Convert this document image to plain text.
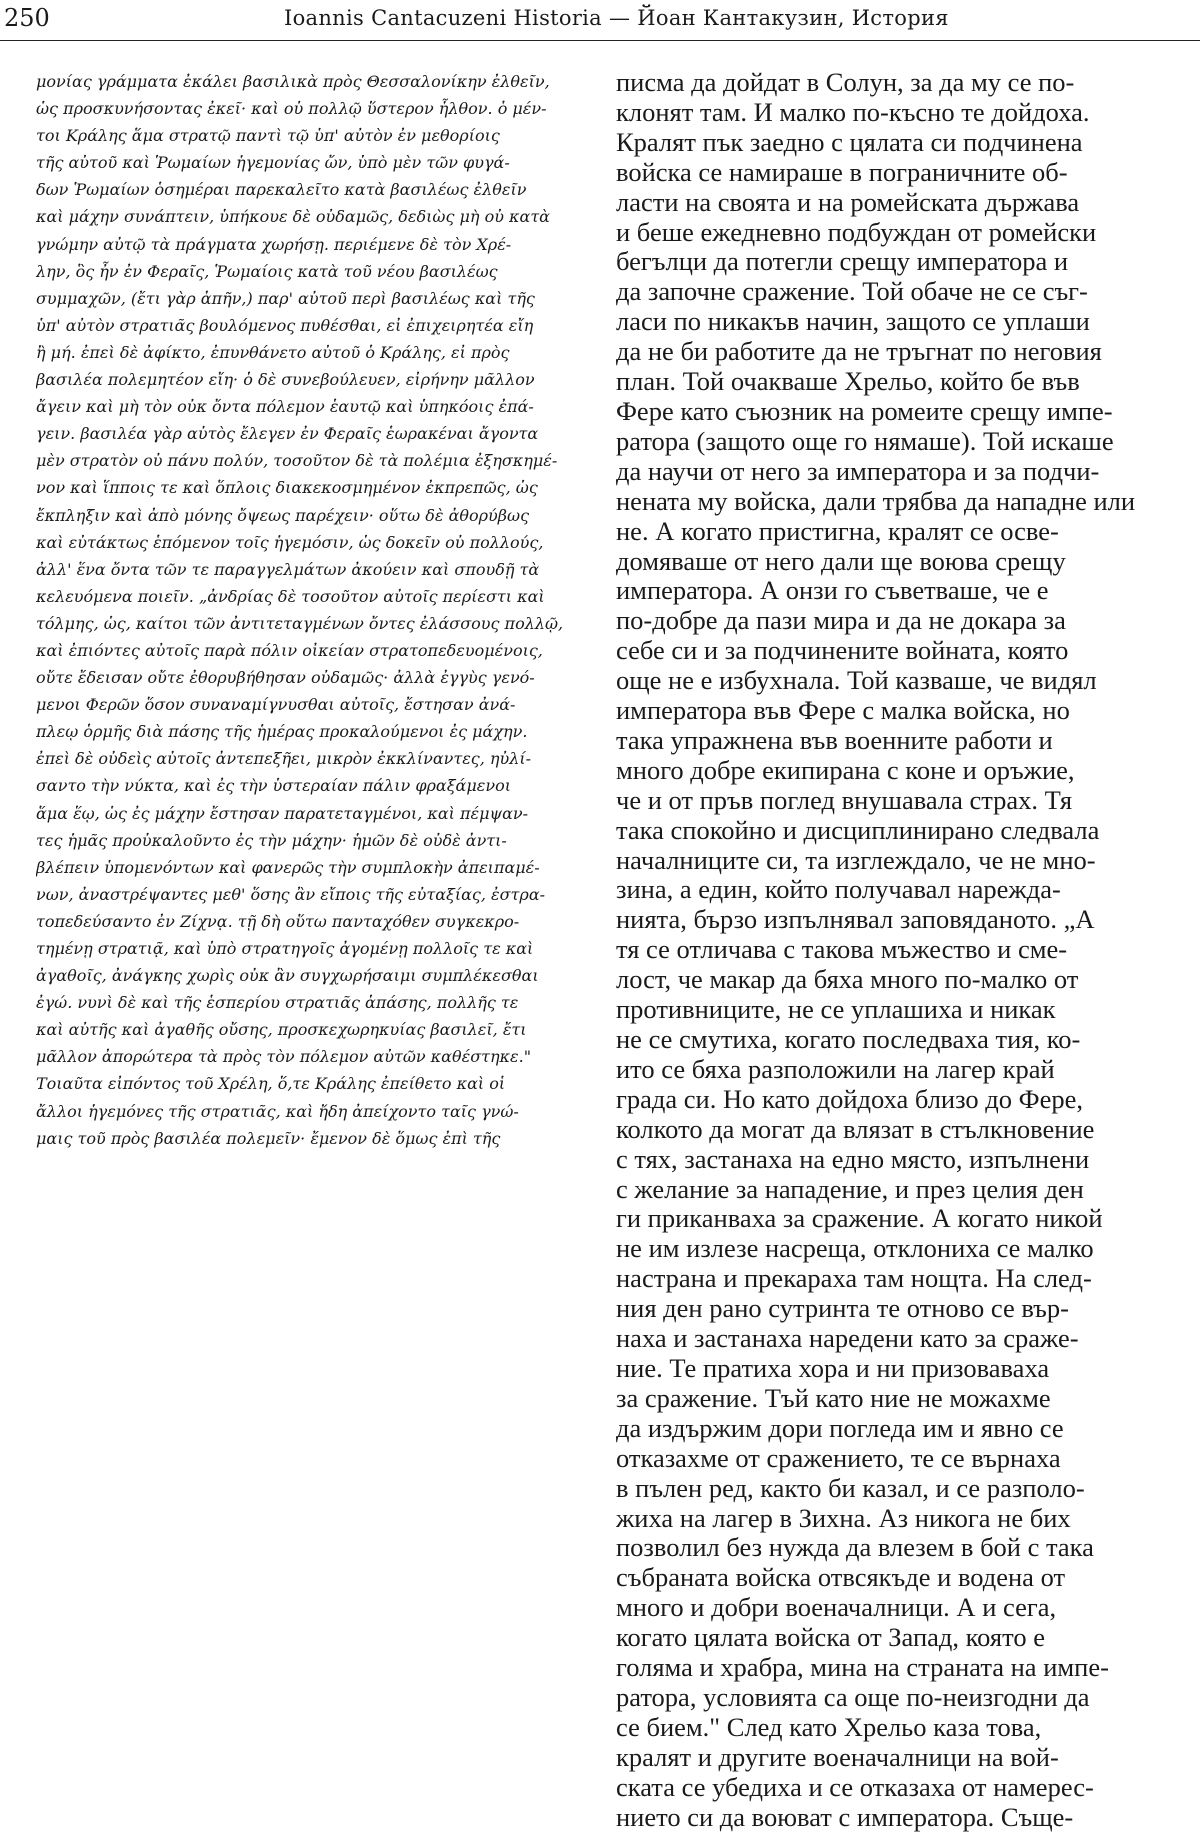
250	Ioannis Cantacuzeni Historia — Йоан Кантакузин, История
μονίας γράμματα ἐκάλει βασιλικὰ πρὸς Θεσσαλονίκην ἐλθεῖν,
ὡς προσκυνήσοντας ἐκεῖ· καὶ οὐ πολλῷ ὕστερον ἧλθον. ὁ μέν-
τοι Κράλης ἅμα στρατῷ παντὶ τῷ ὑπ' αὐτὸν ἐν μεθορίοις
τῆς αὐτοῦ καὶ Ῥωμαίων ἡγεμονίας ὤν, ὑπὸ μὲν τῶν φυγά-
δων Ῥωμαίων ὁσημέραι παρεκαλεῖτο κατὰ βασιλέως ἐλθεῖν
καὶ μάχην συνάπτειν, ὑπήκουε δὲ οὐδαμῶς, δεδιὼς μὴ οὐ κατὰ
γνώμην αὐτῷ τὰ πράγματα χωρήσῃ. περιέμενε δὲ τὸν Χρέ-
λην, ὃς ἦν ἐν Φεραῖς, Ῥωμαίοις κατὰ τοῦ νέου βασιλέως
συμμαχῶν, (ἔτι γὰρ ἀπῆν,) παρ' αὐτοῦ περὶ βασιλέως καὶ τῆς
ὑπ' αὐτὸν στρατιᾶς βουλόμενος πυθέσθαι, εἰ ἐπιχειρητέα εἴη
ἢ μή. ἐπεὶ δὲ ἀφίκτο, ἐπυνθάνετο αὐτοῦ ὁ Κράλης, εἰ πρὸς
βασιλέα πολεμητέον εἴη· ὁ δὲ συνεβούλευεν, εἰρήνην μᾶλλον
ἄγειν καὶ μὴ τὸν οὐκ ὄντα πόλεμον ἑαυτῷ καὶ ὑπηκόοις ἐπά-
γειν. βασιλέα γὰρ αὐτὸς ἔλεγεν ἐν Φεραῖς ἑωρακέναι ἄγοντα
μὲν στρατὸν οὐ πάνυ πολύν, τοσοῦτον δὲ τὰ πολέμια ἐξησκημέ-
νον καὶ ἵπποις τε καὶ ὅπλοις διακεκοσμημένον ἐκπρεπῶς, ὡς
ἔκπληξιν καὶ ἀπὸ μόνης ὄψεως παρέχειν· οὕτω δὲ ἀθορύβως
καὶ εὐτάκτως ἑπόμενον τοῖς ἡγεμόσιν, ὡς δοκεῖν οὐ πολλούς,
ἀλλ' ἕνα ὄντα τῶν τε παραγγελμάτων ἀκούειν καὶ σπουδῇ τὰ
κελευόμενα ποιεῖν. „ἀνδρίας δὲ τοσοῦτον αὐτοῖς περίεστι καὶ
τόλμης, ὡς, καίτοι τῶν ἀντιτεταγμένων ὄντες ἐλάσσους πολλῷ,
καὶ ἐπιόντες αὐτοῖς παρὰ πόλιν οἰκείαν στρατοπεδευομένοις,
οὔτε ἔδεισαν οὔτε ἐθορυβήθησαν οὐδαμῶς· ἀλλὰ ἐγγὺς γενό-
μενοι Φερῶν ὅσον συναναμίγνυσθαι αὐτοῖς, ἔστησαν ἀνά-
πλεῳ ὁρμῆς διὰ πάσης τῆς ἡμέρας προκαλούμενοι ἐς μάχην.
ἐπεὶ δὲ οὐδεὶς αὐτοῖς ἀντεπεξῆει, μικρὸν ἐκκλίναντες, ηὐλί-
σαντο τὴν νύκτα, καὶ ἐς τὴν ὑστεραίαν πάλιν φραξάμενοι
ἅμα ἕῳ, ὡς ἐς μάχην ἔστησαν παρατεταγμένοι, καὶ πέμψαν-
τες ἡμᾶς προὐκαλοῦντο ἐς τὴν μάχην· ἡμῶν δὲ οὐδὲ ἀντι-
βλέπειν ὑπομενόντων καὶ φανερῶς τὴν συμπλοκὴν ἀπειπαμέ-
νων, ἀναστρέψαντες μεθ' ὅσης ἂν εἴποις τῆς εὐταξίας, ἐστρα-
τοπεδεύσαντο ἐν Ζίχνᾳ. τῇ δὴ οὕτω πανταχόθεν συγκεκρο-
τημένῃ στρατιᾷ, καὶ ὑπὸ στρατηγοῖς ἀγομένῃ πολλοῖς τε καὶ
ἀγαθοῖς, ἀνάγκης χωρὶς οὐκ ἂν συγχωρήσαιμι συμπλέκεσθαι
ἐγώ. νυνὶ δὲ καὶ τῆς ἑσπερίου στρατιᾶς ἁπάσης, πολλῆς τε
καὶ αὐτῆς καὶ ἀγαθῆς οὔσης, προσκεχωρηκυίας βασιλεῖ, ἔτι
μᾶλλον ἀπορώτερα τὰ πρὸς τὸν πόλεμον αὐτῶν καθέστηκε."
Τοιαῦτα εἰπόντος τοῦ Χρέλη, ὅ,τε Κράλης ἐπείθετο καὶ οἱ
ἄλλοι ἡγεμόνες τῆς στρατιᾶς, καὶ ἤδη ἀπείχοντο ταῖς γνώ-
μαις τοῦ πρὸς βασιλέα πολεμεῖν· ἔμενον δὲ ὅμως ἐπὶ τῆς
писма да дойдат в Солун, за да му се по-
клонят там. И малко по-късно те дойдоха.
Кралят пък заедно с цялата си подчинена
войска се намираше в пограничните об-
ласти на своята и на ромейската държава
и беше ежедневно подбуждан от ромейски
бегълци да потегли срещу императора и
да започне сражение. Той обаче не се съг-
ласи по никакъв начин, защото се уплаши
да не би работите да не тръгнат по неговия
план. Той очакваше Хрельо, който бе във
Фере като съюзник на ромеите срещу импе-
ратора (защото още го нямаше). Той искаше
да научи от него за императора и за подчи-
нената му войска, дали трябва да нападне или
не. А когато пристигна, кралят се осве-
домяваше от него дали ще воюва срещу
императора. А онзи го съветваше, че е
по-добре да пази мира и да не докара за
себе си и за подчинените войната, която
още не е избухнала. Той казваше, че видял
императора във Фере с малка войска, но
така упражнена във военните работи и
много добре екипирана с коне и оръжие,
че и от пръв поглед внушавала страх. Тя
така спокойно и дисциплинирано следвала
началниците си, та изглеждало, че не мно-
зина, а един, който получавал нарежда-
нията, бързо изпълнявал заповяданото. „А
тя се отличава с такова мъжество и сме-
лост, че макар да бяха много по-малко от
противниците, не се уплашиха и никак
не се смутиха, когато последваха тия, ко-
ито се бяха разположили на лагер край
града си. Но като дойдоха близо до Фере,
колкото да могат да влязат в стълкновение
с тях, застанаха на едно място, изпълнени
с желание за нападение, и през целия ден
ги приканваха за сражение. А когато никой
не им излезе насреща, отклониха се малко
настрана и прекараха там нощта. На след-
ния ден рано сутринта те отново се вър-
наха и застанаха наредени като за сраже-
ние. Те пратиха хора и ни призоваваха
за сражение. Тъй като ние не можахме
да издържим дори погледа им и явно се
отказахме от сражението, те се върнаха
в пълен ред, както би казал, и се разполо-
жиха на лагер в Зихна. Аз никога не бих
позволил без нужда да влезем в бой с така
събраната войска отвсякъде и водена от
много и добри военачалници. А и сега,
когато цялата войска от Запад, която е
голяма и храбра, мина на страната на импе-
ратора, условията са още по-неизгодни да
се бием." След като Хрельо каза това,
кралят и другите военачалници на вой-
ската се убедиха и се отказаха от намерес-
нието си да воюват с императора. Съще-
